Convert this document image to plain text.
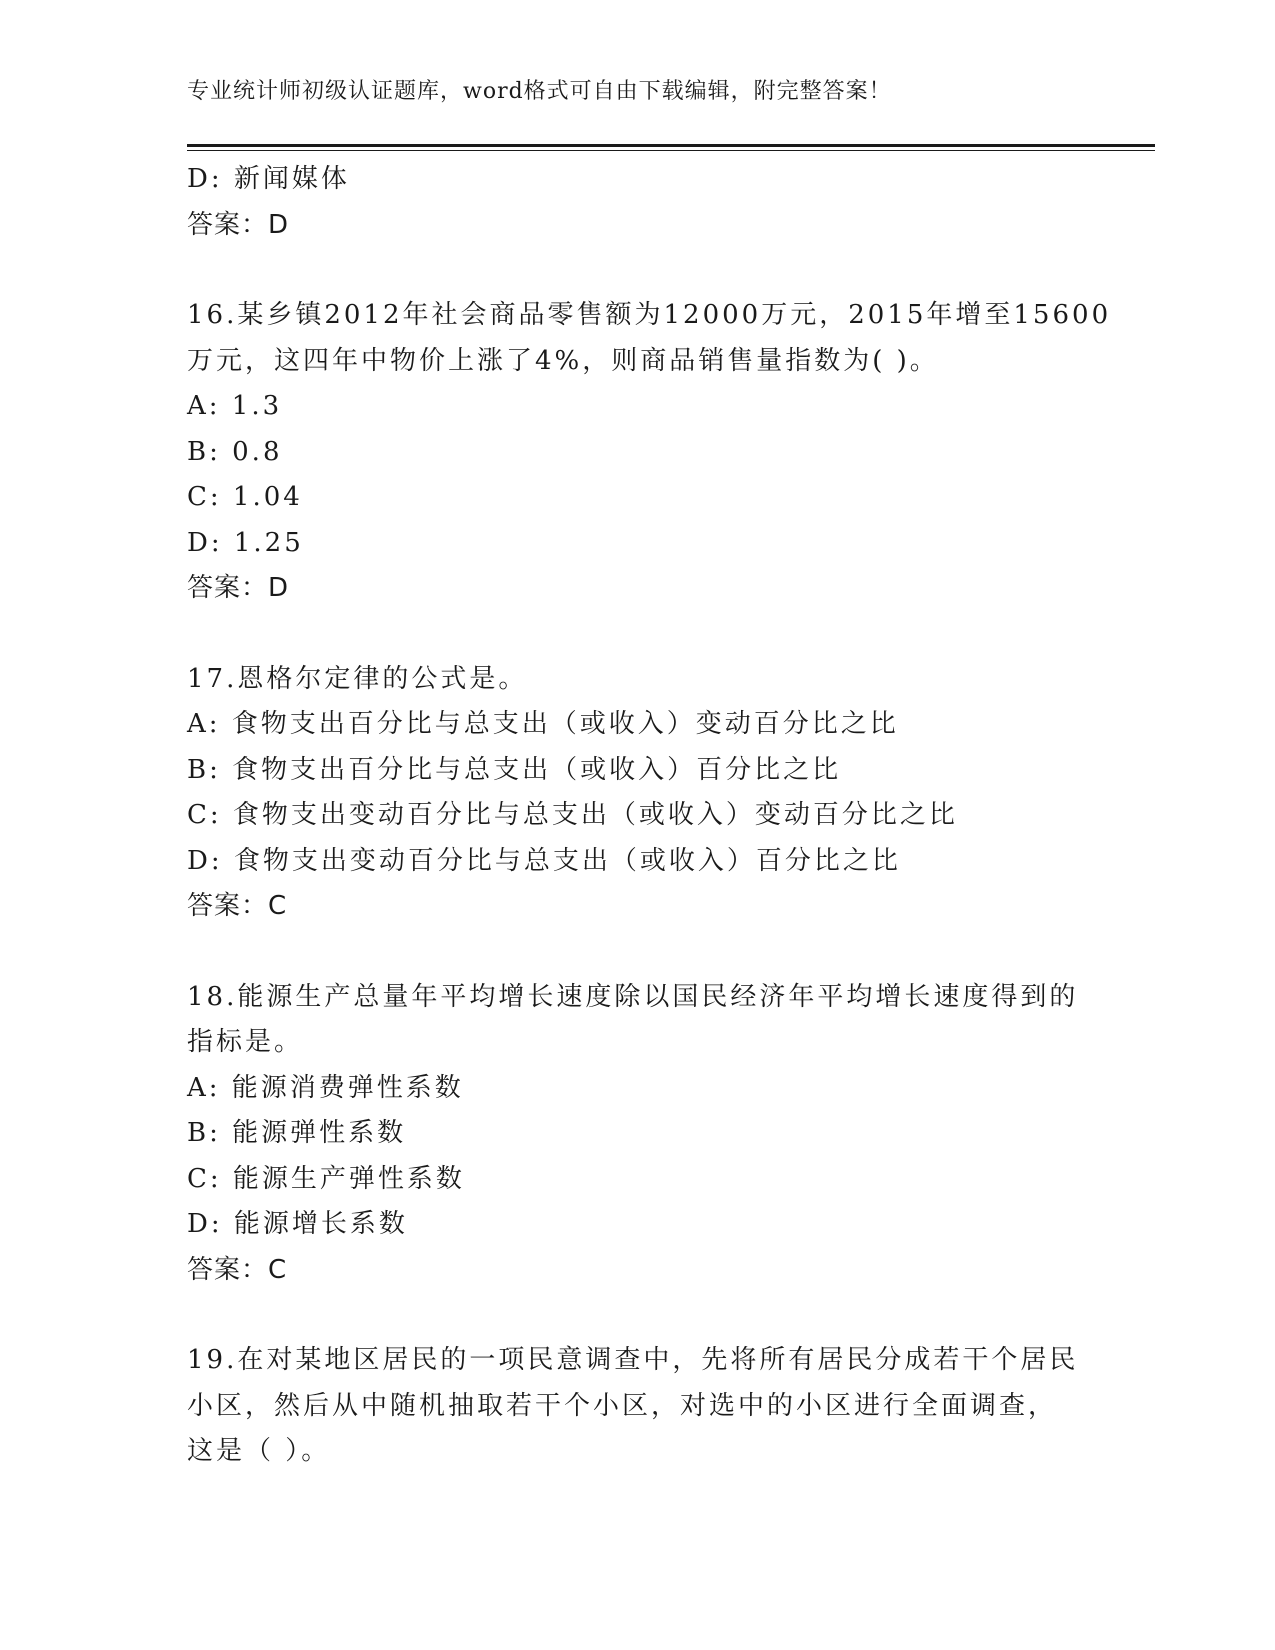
专业统计师初级认证题库，word格式可自由下载编辑，附完整答案！
D: 新闻媒体
答案：D
16.某乡镇2012年社会商品零售额为12000万元，2015年增至15600
万元，这四年中物价上涨了4%，则商品销售量指数为( )。
A: 1.3
B: 0.8
C: 1.04
D: 1.25
答案：D
17.恩格尔定律的公式是。
A: 食物支出百分比与总支出（或收入）变动百分比之比
B: 食物支出百分比与总支出（或收入）百分比之比
C: 食物支出变动百分比与总支出（或收入）变动百分比之比
D: 食物支出变动百分比与总支出（或收入）百分比之比
答案：C
18.能源生产总量年平均增长速度除以国民经济年平均增长速度得到的
指标是。
A: 能源消费弹性系数
B: 能源弹性系数
C: 能源生产弹性系数
D: 能源增长系数
答案：C
19.在对某地区居民的一项民意调查中，先将所有居民分成若干个居民
小区，然后从中随机抽取若干个小区，对选中的小区进行全面调查，
这是（ ）。
